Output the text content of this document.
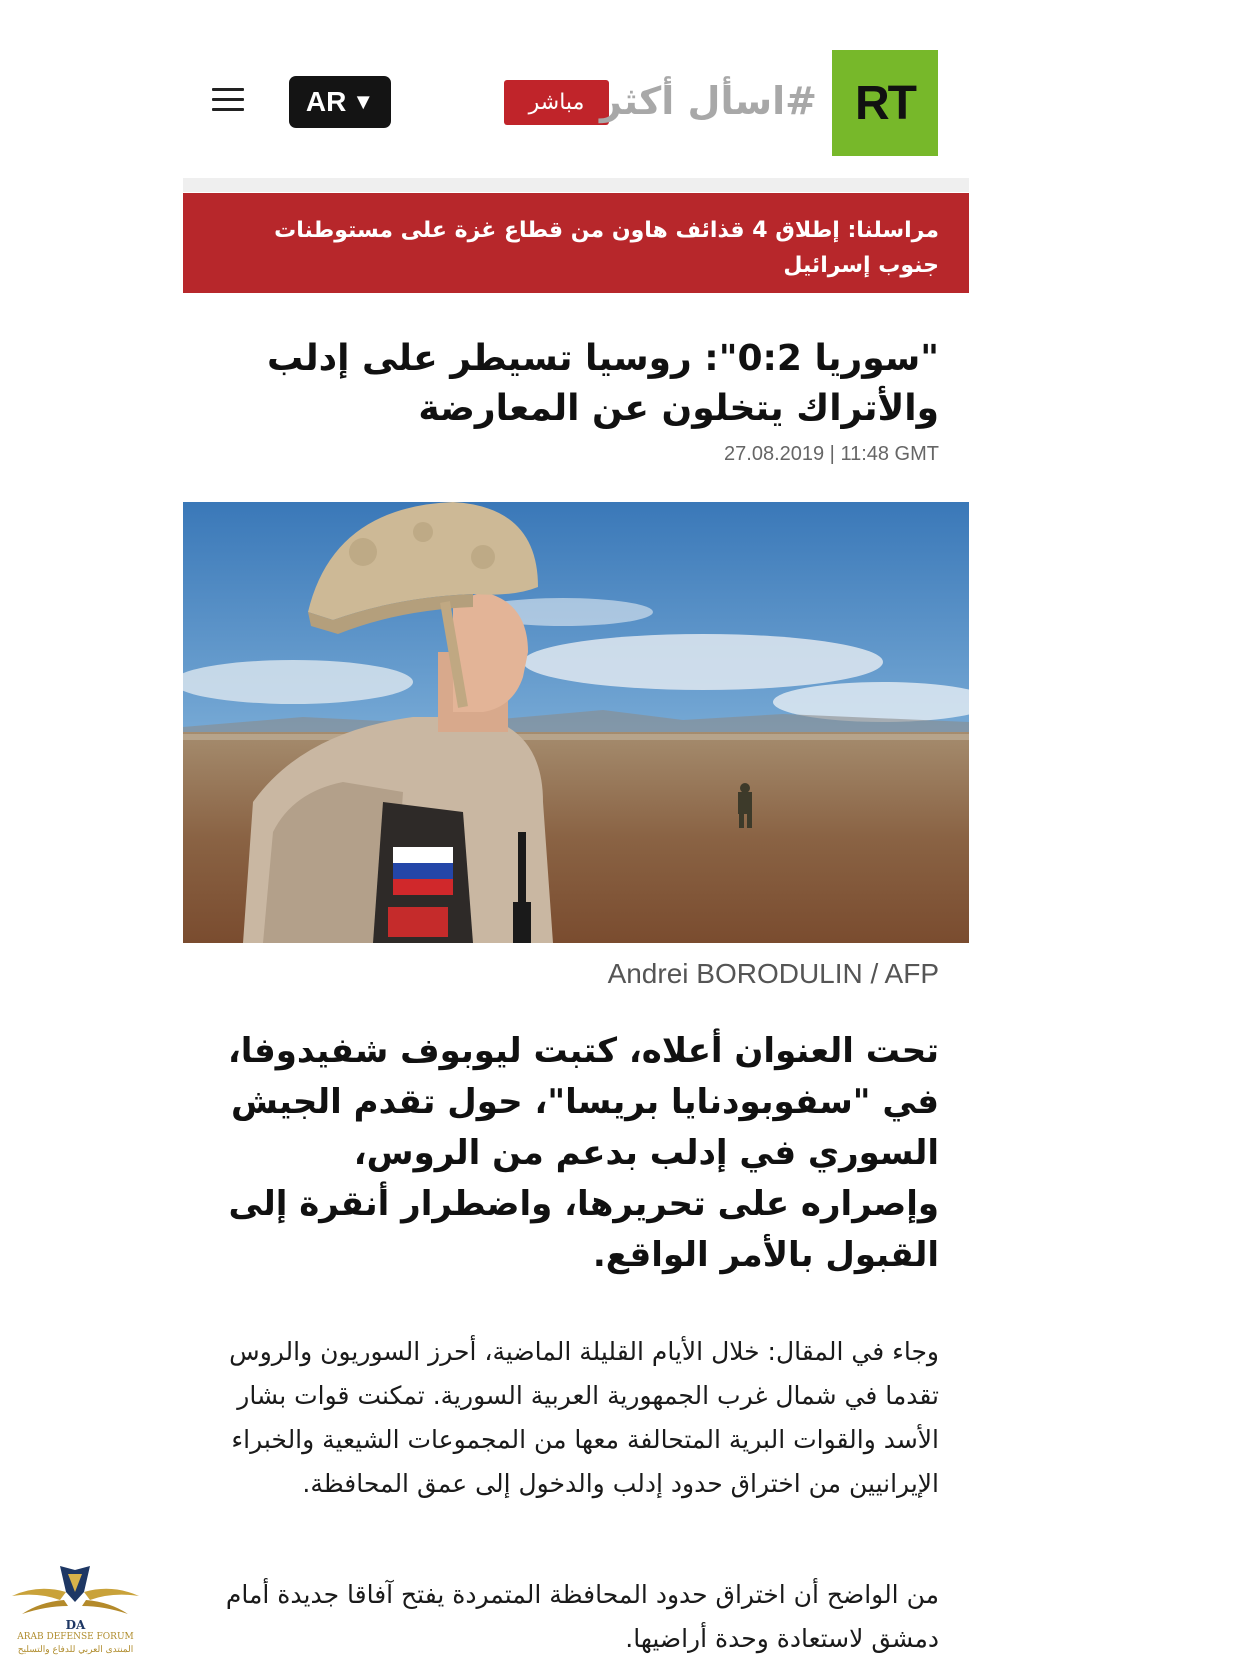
AR ▼	مباشر #اسأل أكثر RT
مراسلنا: إطلاق 4 قذائف هاون من قطاع غزة على مستوطنات جنوب إسرائيل
"سوريا 0:2": روسيا تسيطر على إدلب والأتراك يتخلون عن المعارضة
27.08.2019 | 11:48 GMT
Andrei BORODULIN / AFP

تحت العنوان أعلاه، كتبت ليوبوف شفيدوفا، في "سفوبودنايا بريسا"، حول تقدم الجيش السوري في إدلب بدعم من الروس، وإصراره على تحريرها، واضطرار أنقرة إلى القبول بالأمر الواقع.

وجاء في المقال: خلال الأيام القليلة الماضية، أحرز السوريون والروس تقدما في شمال غرب الجمهورية العربية السورية. تمكنت قوات بشار الأسد والقوات البرية المتحالفة معها من المجموعات الشيعية والخبراء الإيرانيين من اختراق حدود إدلب والدخول إلى عمق المحافظة.

من الواضح أن اختراق حدود المحافظة المتمردة يفتح آفاقا جديدة أمام دمشق لاستعادة وحدة أراضيها.

DA
ARAB DEFENSE FORUM
المنتدى العربي للدفاع والتسليح
